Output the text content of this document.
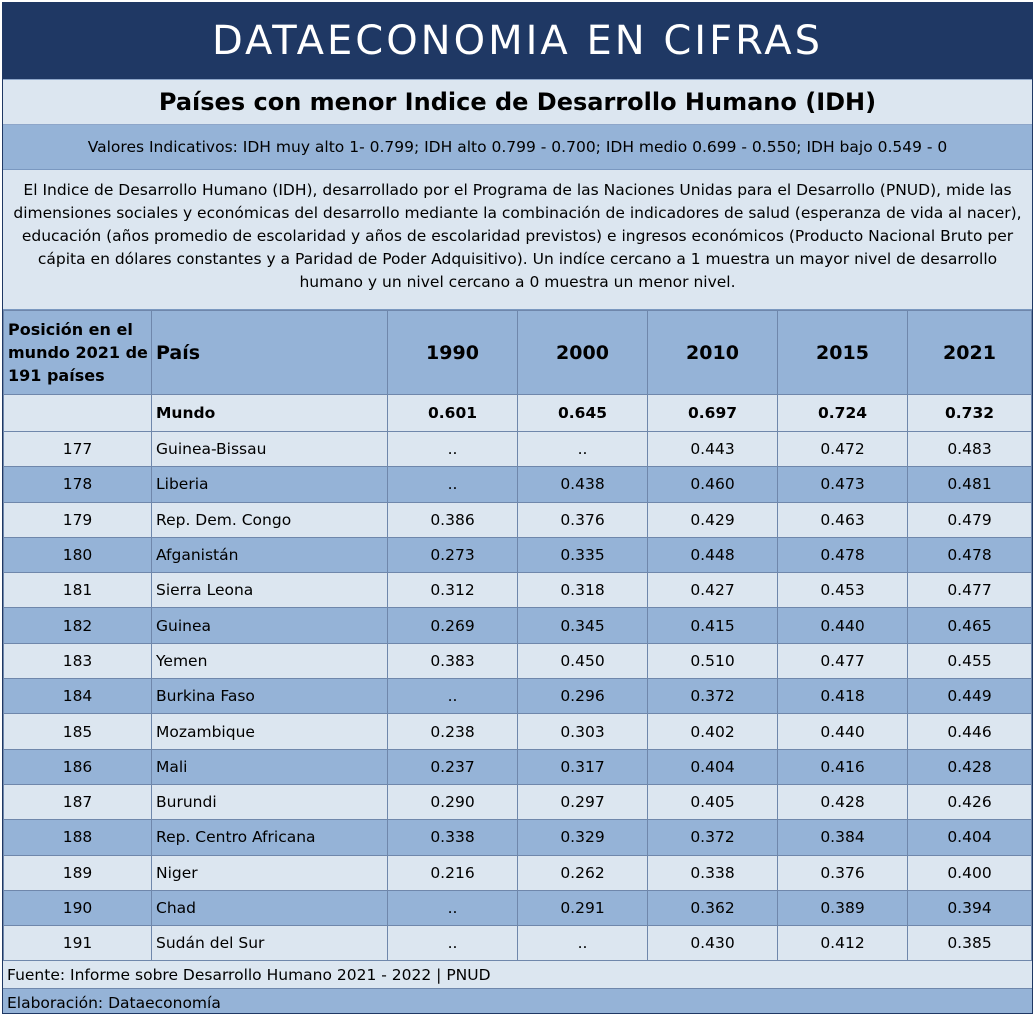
DATAECONOMIA EN CIFRAS
Países con menor Indice de Desarrollo Humano (IDH)
Valores Indicativos: IDH muy alto 1- 0.799; IDH alto 0.799 - 0.700; IDH medio 0.699 - 0.550; IDH bajo 0.549 - 0
El Indice de Desarrollo Humano (IDH), desarrollado por el Programa de las Naciones Unidas para el Desarrollo (PNUD), mide las dimensiones sociales y económicas del desarrollo mediante la combinación de indicadores de salud (esperanza de vida al nacer), educación (años promedio de escolaridad y años de escolaridad previstos) e ingresos económicos (Producto Nacional Bruto per cápita en dólares constantes y a Paridad de Poder Adquisitivo). Un indíce cercano a 1 muestra un mayor nivel de desarrollo humano y un nivel cercano a 0 muestra un menor nivel.
Posición en el mundo 2021 de 191 países	País	1990	2000	2010	2015	2021
	Mundo	0.601	0.645	0.697	0.724	0.732
177	Guinea-Bissau	..	..	0.443	0.472	0.483
178	Liberia	..	0.438	0.460	0.473	0.481
179	Rep. Dem. Congo	0.386	0.376	0.429	0.463	0.479
180	Afganistán	0.273	0.335	0.448	0.478	0.478
181	Sierra Leona	0.312	0.318	0.427	0.453	0.477
182	Guinea	0.269	0.345	0.415	0.440	0.465
183	Yemen	0.383	0.450	0.510	0.477	0.455
184	Burkina Faso	..	0.296	0.372	0.418	0.449
185	Mozambique	0.238	0.303	0.402	0.440	0.446
186	Mali	0.237	0.317	0.404	0.416	0.428
187	Burundi	0.290	0.297	0.405	0.428	0.426
188	Rep. Centro Africana	0.338	0.329	0.372	0.384	0.404
189	Niger	0.216	0.262	0.338	0.376	0.400
190	Chad	..	0.291	0.362	0.389	0.394
191	Sudán del Sur	..	..	0.430	0.412	0.385
Fuente: Informe sobre Desarrollo Humano 2021 - 2022 | PNUD
Elaboración: Dataeconomía
